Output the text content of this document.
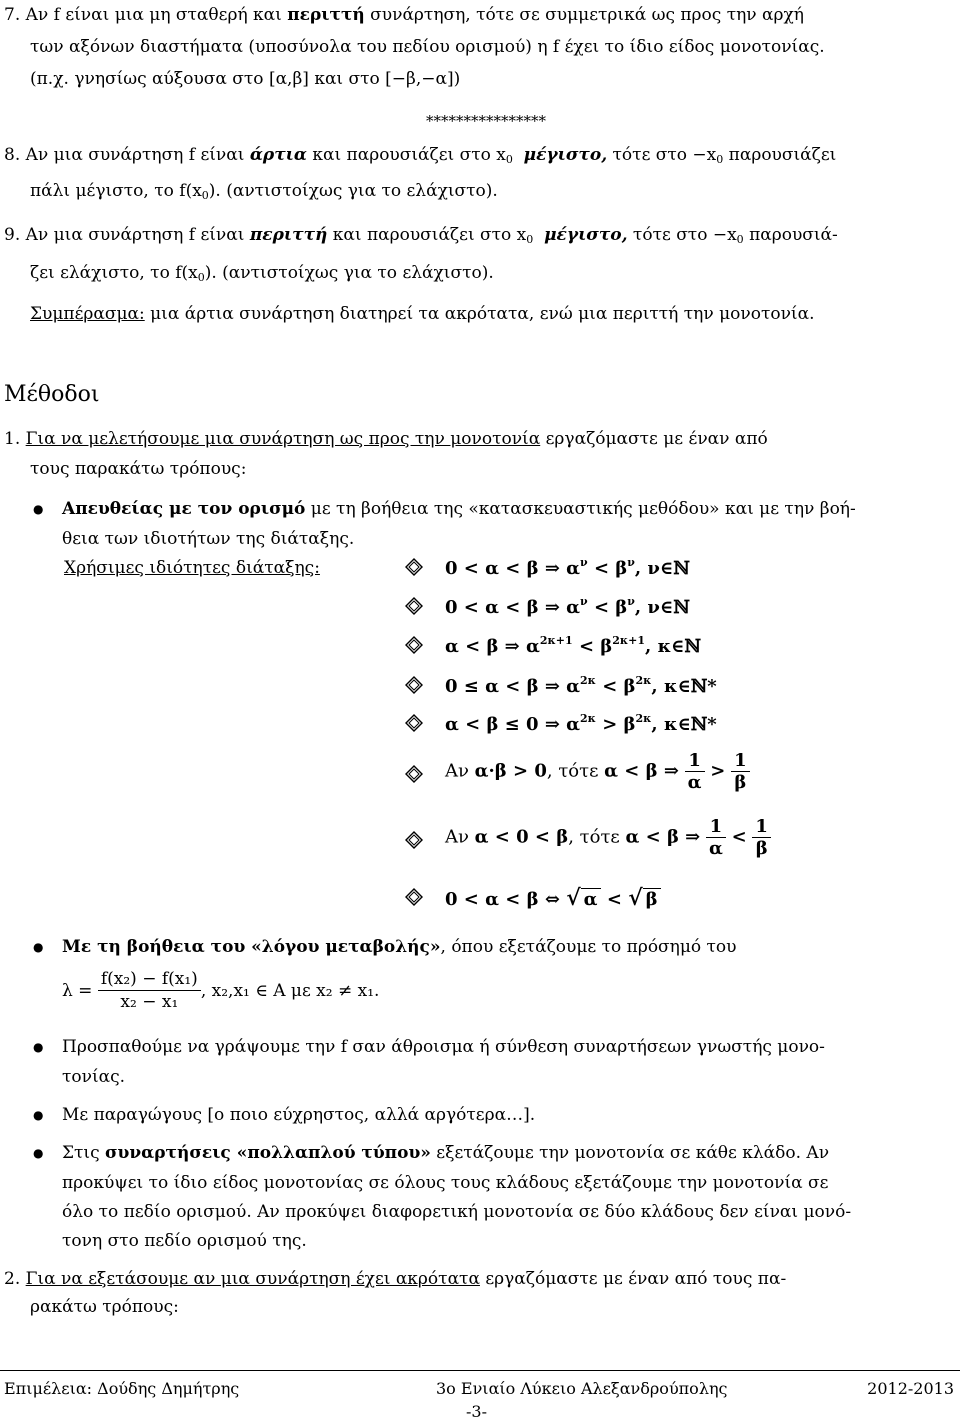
7. Αν f είναι μια μη σταθερή και περιττή συνάρτηση, τότε σε συμμετρικά ως προς την αρχή
των αξόνων διαστήματα (υποσύνολα του πεδίου ορισμού) η f έχει το ίδιο είδος μονοτονίας.
(π.χ. γνησίως αύξουσα στο [α,β] και στο [−β,−α])
****************
8. Αν μια συνάρτηση f είναι άρτια και παρουσιάζει στο $x_0$ μέγιστο, τότε $\sigma\tau o -x_0$ παρουσιάζει
πάλι μέγιστο, το $f(x_0)$. (αντιστοίχως για το ελάχιστο).
9. Αν μια συνάρτηση f είναι περιττή και παρουσιάζει στο $x_0$ μέγιστο, τότε $\sigma\tau o -x_0$ παρουσιά-
ζει ελάχιστο, το $f(x_0)$. (αντιστοίχως για το ελάχιστο).
Συμπέρασμα: μια άρτια συνάρτηση διατηρεί τα ακρότατα, ενώ μια περιττή την μονοτονία.
Μέθοδοι
1. Για να μελετήσουμε μια συνάρτηση ως προς την μονοτονία εργαζόμαστε με έναν από
τους παρακάτω τρόπους:
● Απευθείας με τον ορισμό με τη βοήθεια της «κατασκευαστικής μεθόδου» και με την βοή-
θεια των ιδιοτήτων της διάταξης.
Χρήσιμες ιδιότητες διάταξης:	0 < α < β ⇒ $\alpha^\nu < \beta^\nu$, ν∈ℕ
0 < α < β ⇒ $\alpha^\nu < \beta^\nu$, ν∈ℕ
α < β ⇒ $\alpha^{2\kappa+1} < \beta^{2\kappa+1}$, κ∈ℕ
0 ≤ α < β ⇒ $\alpha^{2\kappa} < \beta^{2\kappa}$, κ∈ℕ*
α < β ≤ 0 ⇒ $\alpha^{2\kappa} > \beta^{2\kappa}$, κ∈ℕ*
Αν α·β > 0, τότε α < β ⇒ $\frac{1}{\alpha} > \frac{1}{\beta}$
Αν α < 0 < β, τότε α < β ⇒ $\frac{1}{\alpha} < \frac{1}{\beta}$
0 < α < β ⇔ √ α < √ β
● Με τη βοήθεια του «λόγου μεταβολής», όπου εξετάζουμε το πρόσημό του
$\lambda = \frac{\text{f(x₂) − f(x₁)}}{\text{x₂ − x₁}}$ , x₂,x₁ ∈ A με x₂ ≠ x₁.
● Προσπαθούμε να γράψουμε την f σαν άθροισμα ή σύνθεση συναρτήσεων γνωστής μονο-
τονίας.
● Με παραγώγους [ο ποιο εύχρηστος, αλλά αργότερα…].
● Στις συναρτήσεις «πολλαπλού τύπου» εξετάζουμε την μονοτονία σε κάθε κλάδο. Αν
προκύψει το ίδιο είδος μονοτονίας σε όλους τους κλάδους εξετάζουμε την μονοτονία σε
όλο το πεδίο ορισμού. Αν προκύψει διαφορετική μονοτονία σε δύο κλάδους δεν είναι μονό-
τονη στο πεδίο ορισμού της.
2. Για να εξετάσουμε αν μια συνάρτηση έχει ακρότατα εργαζόμαστε με έναν από τους πα-
ρακάτω τρόπους:
Επιμέλεια: Δούδης Δημήτρης	3ο Ενιαίο Λύκειο Αλεξανδρούπολης	2012-2013
-3-
